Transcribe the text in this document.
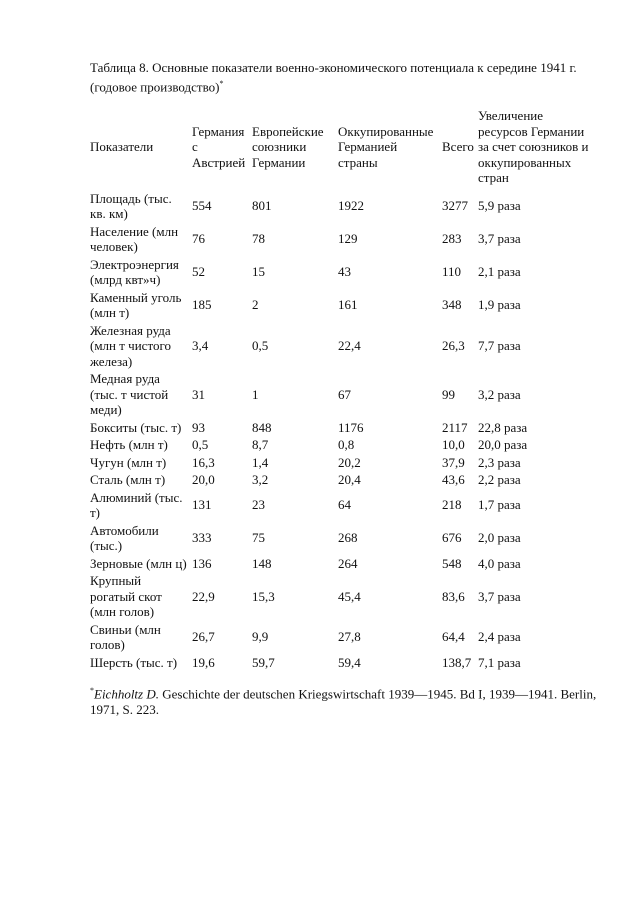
Таблица 8. Основные показатели военно-экономического потенциала к середине 1941 г. (годовое производство)*
Показатели	Германия с Австрией	Европейские союзники Германии	Оккупированные Германией страны	Всего	Увеличение ресурсов Германии за счет союзников и оккупированных стран
Площадь (тыс. кв. км)	554	801	1922	3277	5,9 раза
Население (млн человек)	76	78	129	283	3,7 раза
Электроэнергия (млрд квт»ч)	52	15	43	110	2,1 раза
Каменный уголь (млн т)	185	2	161	348	1,9 раза
Железная руда (млн т чистого железа)	3,4	0,5	22,4	26,3	7,7 раза
Медная руда (тыс. т чистой меди)	31	1	67	99	3,2 раза
Бокситы (тыс. т)	93	848	1176	2117	22,8 раза
Нефть (млн т)	0,5	8,7	0,8	10,0	20,0 раза
Чугун (млн т)	16,3	1,4	20,2	37,9	2,3 раза
Сталь (млн т)	20,0	3,2	20,4	43,6	2,2 раза
Алюминий (тыс. т)	131	23	64	218	1,7 раза
Автомобили (тыс.)	333	75	268	676	2,0 раза
Зерновые (млн ц)	136	148	264	548	4,0 раза
Крупный рогатый скот (млн голов)	22,9	15,3	45,4	83,6	3,7 раза
Свиньи (млн голов)	26,7	9,9	27,8	64,4	2,4 раза
Шерсть (тыс. т)	19,6	59,7	59,4	138,7	7,1 раза
*Eichholtz D. Geschichte der deutschen Kriegswirtschaft 1939—1945. Bd I, 1939—1941. Berlin, 1971, S. 223.
